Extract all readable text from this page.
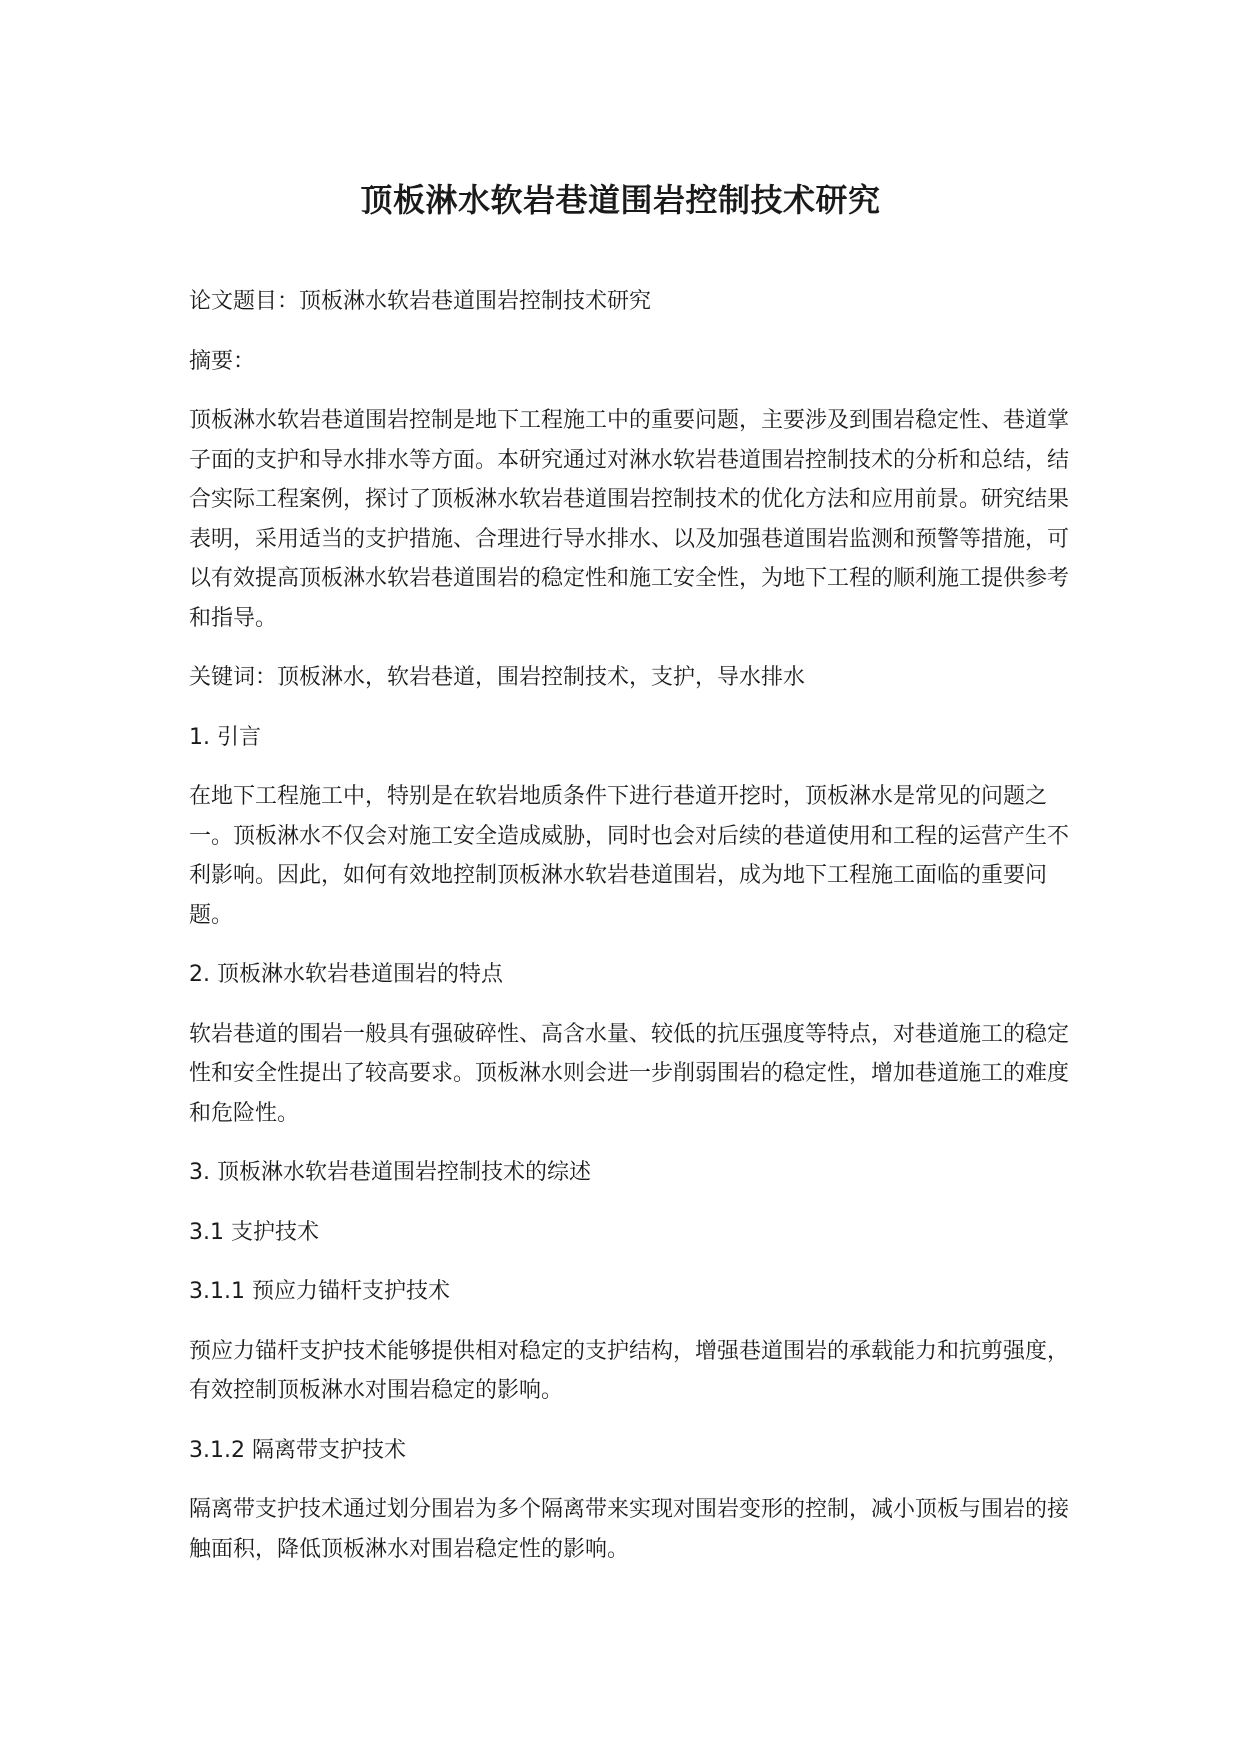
顶板淋水软岩巷道围岩控制技术研究

论文题目：顶板淋水软岩巷道围岩控制技术研究

摘要：

顶板淋水软岩巷道围岩控制是地下工程施工中的重要问题，主要涉及到围岩稳定性、巷道掌子面的支护和导水排水等方面。本研究通过对淋水软岩巷道围岩控制技术的分析和总结，结合实际工程案例，探讨了顶板淋水软岩巷道围岩控制技术的优化方法和应用前景。研究结果表明，采用适当的支护措施、合理进行导水排水、以及加强巷道围岩监测和预警等措施，可以有效提高顶板淋水软岩巷道围岩的稳定性和施工安全性，为地下工程的顺利施工提供参考和指导。

关键词：顶板淋水，软岩巷道，围岩控制技术，支护，导水排水

1. 引言

在地下工程施工中，特别是在软岩地质条件下进行巷道开挖时，顶板淋水是常见的问题之一。顶板淋水不仅会对施工安全造成威胁，同时也会对后续的巷道使用和工程的运营产生不利影响。因此，如何有效地控制顶板淋水软岩巷道围岩，成为地下工程施工面临的重要问题。

2. 顶板淋水软岩巷道围岩的特点

软岩巷道的围岩一般具有强破碎性、高含水量、较低的抗压强度等特点，对巷道施工的稳定性和安全性提出了较高要求。顶板淋水则会进一步削弱围岩的稳定性，增加巷道施工的难度和危险性。

3. 顶板淋水软岩巷道围岩控制技术的综述

3.1 支护技术

3.1.1 预应力锚杆支护技术

预应力锚杆支护技术能够提供相对稳定的支护结构，增强巷道围岩的承载能力和抗剪强度，有效控制顶板淋水对围岩稳定的影响。

3.1.2 隔离带支护技术

隔离带支护技术通过划分围岩为多个隔离带来实现对围岩变形的控制，减小顶板与围岩的接触面积，降低顶板淋水对围岩稳定性的影响。
